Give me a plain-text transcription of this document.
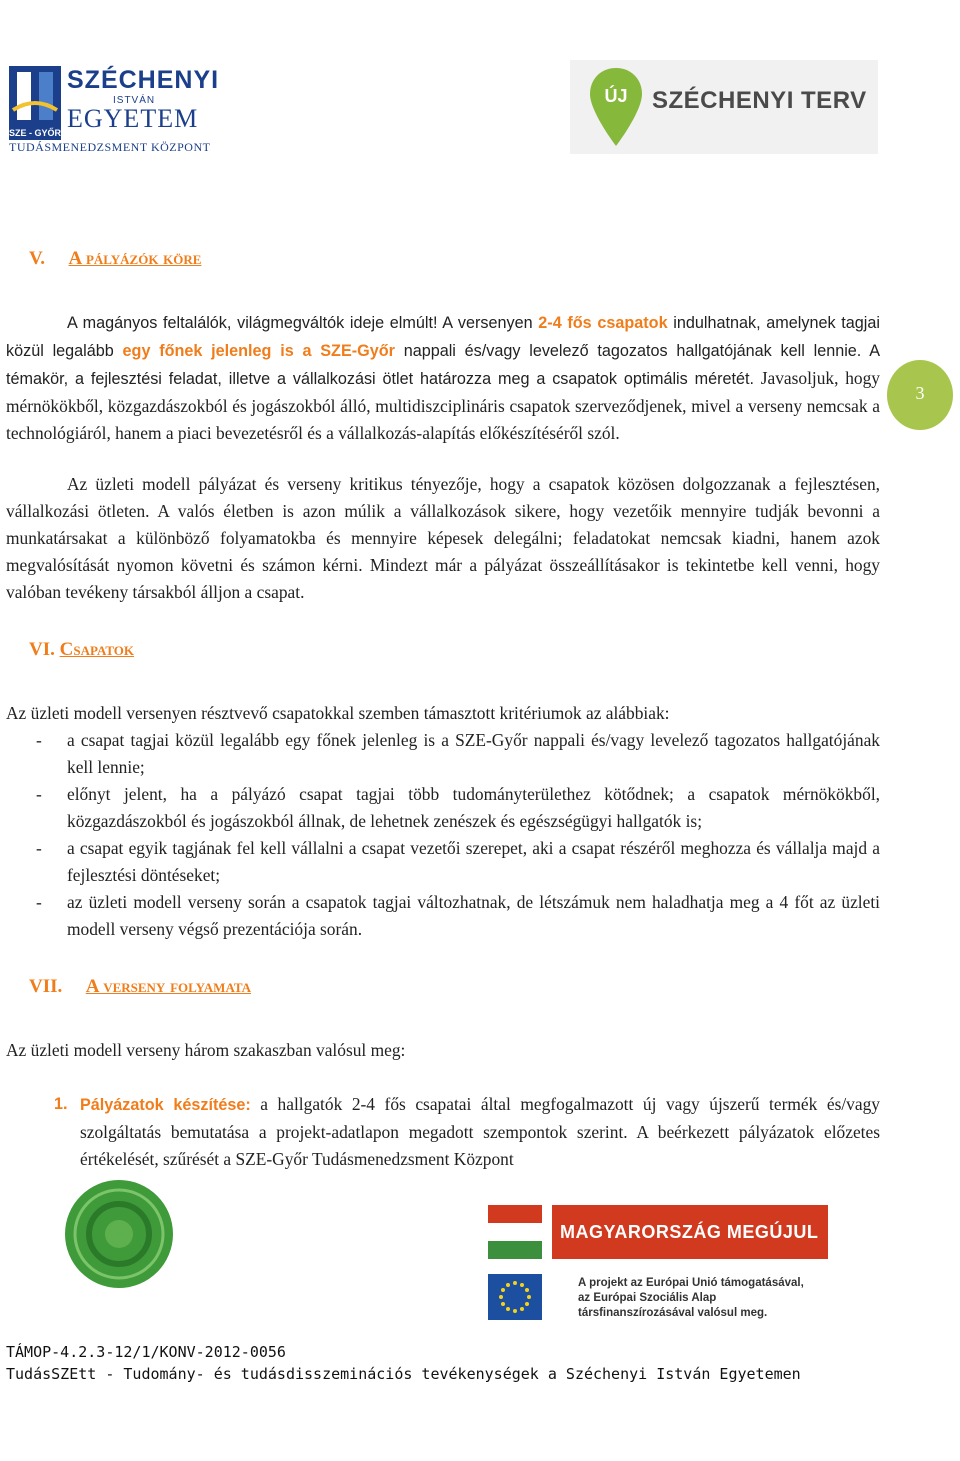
SZÉCHENYI
ISTVÁN
EGYETEM
SZE - GYŐR
TUDÁSMENEDZSMENT KÖZPONT
ÚJ SZÉCHENYI TERV
V. A pályázók köre
A magányos feltalálók, világmegváltók ideje elmúlt! A versenyen 2-4 fős csapatok indulhatnak, amelynek tagjai közül legalább egy főnek jelenleg is a SZE-Győr nappali és/vagy levelező tagozatos hallgatójának kell lennie. A témakör, a fejlesztési feladat, illetve a vállalkozási ötlet határozza meg a csapatok optimális méretét. Javasoljuk, hogy mérnökökből, közgazdászokból és jogászokból álló, multidiszciplináris csapatok szerveződjenek, mivel a verseny nemcsak a technológiáról, hanem a piaci bevezetésről és a vállalkozás-alapítás előkészítéséről szól.
3
Az üzleti modell pályázat és verseny kritikus tényezője, hogy a csapatok közösen dolgozzanak a fejlesztésen, vállalkozási ötleten. A valós életben is azon múlik a vállalkozások sikere, hogy vezetőik mennyire tudják bevonni a munkatársakat a különböző folyamatokba és mennyire képesek delegálni; feladatokat nemcsak kiadni, hanem azok megvalósítását nyomon követni és számon kérni. Mindezt már a pályázat összeállításakor is tekintetbe kell venni, hogy valóban tevékeny társakból álljon a csapat.
VI. Csapatok
Az üzleti modell versenyen résztvevő csapatokkal szemben támasztott kritériumok az alábbiak:
- a csapat tagjai közül legalább egy főnek jelenleg is a SZE-Győr nappali és/vagy levelező tagozatos hallgatójának kell lennie;
- előnyt jelent, ha a pályázó csapat tagjai több tudományterülethez kötődnek; a csapatok mérnökökből, közgazdászokból és jogászokból állnak, de lehetnek zenészek és egészségügyi hallgatók is;
- a csapat egyik tagjának fel kell vállalni a csapat vezetői szerepet, aki a csapat részéről meghozza és vállalja majd a fejlesztési döntéseket;
- az üzleti modell verseny során a csapatok tagjai változhatnak, de létszámuk nem haladhatja meg a 4 főt az üzleti modell verseny végső prezentációja során.
VII. A verseny folyamata
Az üzleti modell verseny három szakaszban valósul meg:
1. Pályázatok készítése: a hallgatók 2-4 fős csapatai által megfogalmazott új vagy újszerű termék és/vagy szolgáltatás bemutatása a projekt-adatlapon megadott szempontok szerint. A beérkezett pályázatok előzetes értékelését, szűrését a SZE-Győr Tudásmenedzsment Központ
MAGYARORSZÁG MEGÚJUL
A projekt az Európai Unió támogatásával,
az Európai Szociális Alap
társfinanszírozásával valósul meg.
TÁMOP-4.2.3-12/1/KONV-2012-0056
TudásSZEtt - Tudomány- és tudásdisszeminációs tevékenységek a Széchenyi István Egyetemen
